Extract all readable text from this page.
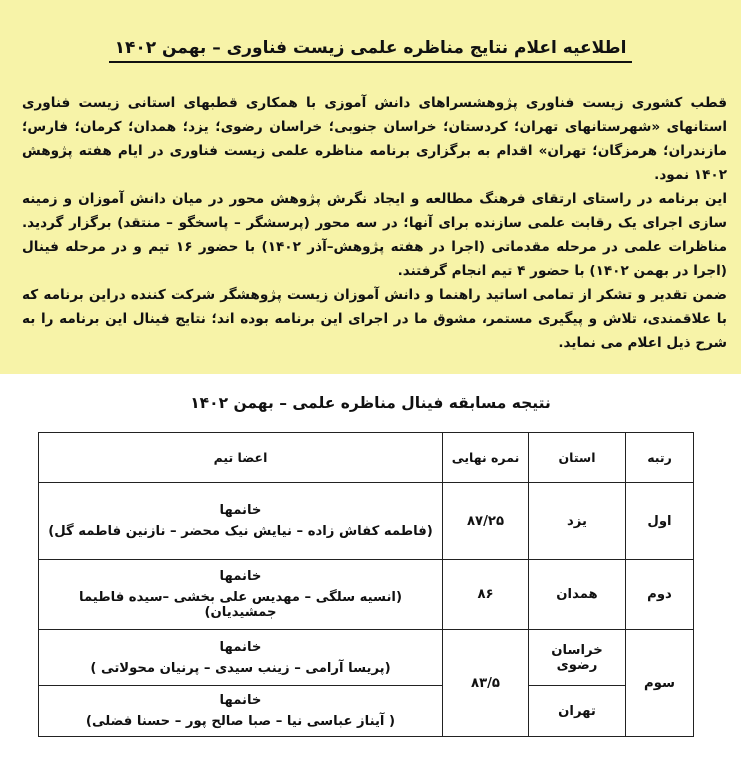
اطلاعیه اعلام نتایج مناظره علمی زیست فناوری – بهمن ۱۴۰۲

قطب کشوری زیست فناوری پژوهشسراهای دانش آموزی با همکاری قطبهای استانی زیست فناوری استانهای «شهرستانهای تهران؛ کردستان؛ خراسان جنوبی؛ خراسان رضوی؛ یزد؛ همدان؛ کرمان؛ فارس؛ مازندران؛ هرمزگان؛ تهران» اقدام به برگزاری برنامه مناظره علمی زیست فناوری در ایام هفته پژوهش ۱۴۰۲ نمود.

این برنامه در راستای ارتقای فرهنگ مطالعه و ایجاد نگرش پژوهش محور در میان دانش آموزان و زمینه سازی اجرای یک رقابت علمی سازنده برای آنها؛ در سه محور (پرسشگر – پاسخگو – منتقد) برگزار گردید. مناظرات علمی در مرحله مقدماتی (اجرا در هفته پژوهش–آذر ۱۴۰۲) با حضور ۱۶ تیم و در مرحله فینال (اجرا در بهمن ۱۴۰۲) با حضور ۴ تیم انجام گرفتند.

ضمن تقدیر و تشکر از تمامی اساتید راهنما و دانش آموزان زیست پژوهشگر شرکت کننده دراین برنامه که با علاقمندی، تلاش و پیگیری مستمر، مشوق ما در اجرای این برنامه بوده اند؛ نتایج فینال این برنامه را به شرح ذیل اعلام می نماید.

نتیجه مسابقه فینال مناظره علمی – بهمن ۱۴۰۲
رتبه	استان	نمره نهایی	اعضا تیم
اول	یزد	۸۷/۲۵	خانمها
(فاطمه کفاش زاده – نیایش نیک محضر – نازنین فاطمه گل)

دوم	همدان	۸۶	خانمها
(انسیه سلگی – مهدیس علی بخشی –سیده فاطیما جمشیدیان)

سوم	خراسان رضوی	۸۳/۵	خانمها
(پریسا آرامی – زینب سیدی – پرنیان محولاتی )

	تهران		خانمها
( آیناز عباسی نیا – صبا صالح پور – حسنا فضلی)
